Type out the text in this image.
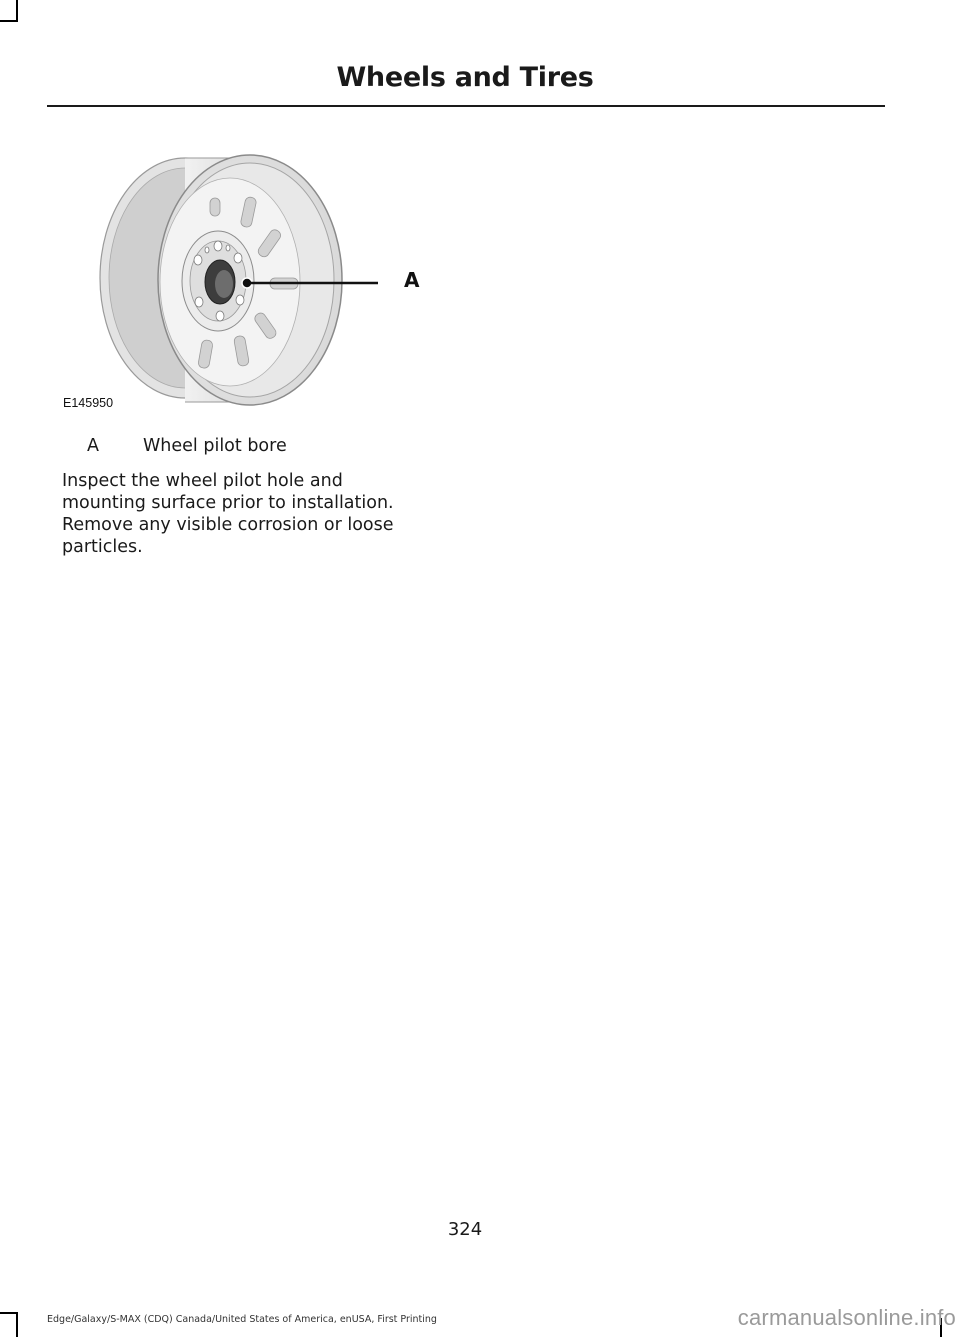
Wheels and Tires
A
E145950
A	Wheel pilot bore

Inspect the wheel pilot hole and mounting surface prior to installation. Remove any visible corrosion or loose particles.

324
Edge/Galaxy/S-MAX (CDQ) Canada/United States of America, enUSA, First Printing	carmanualsonline.info
